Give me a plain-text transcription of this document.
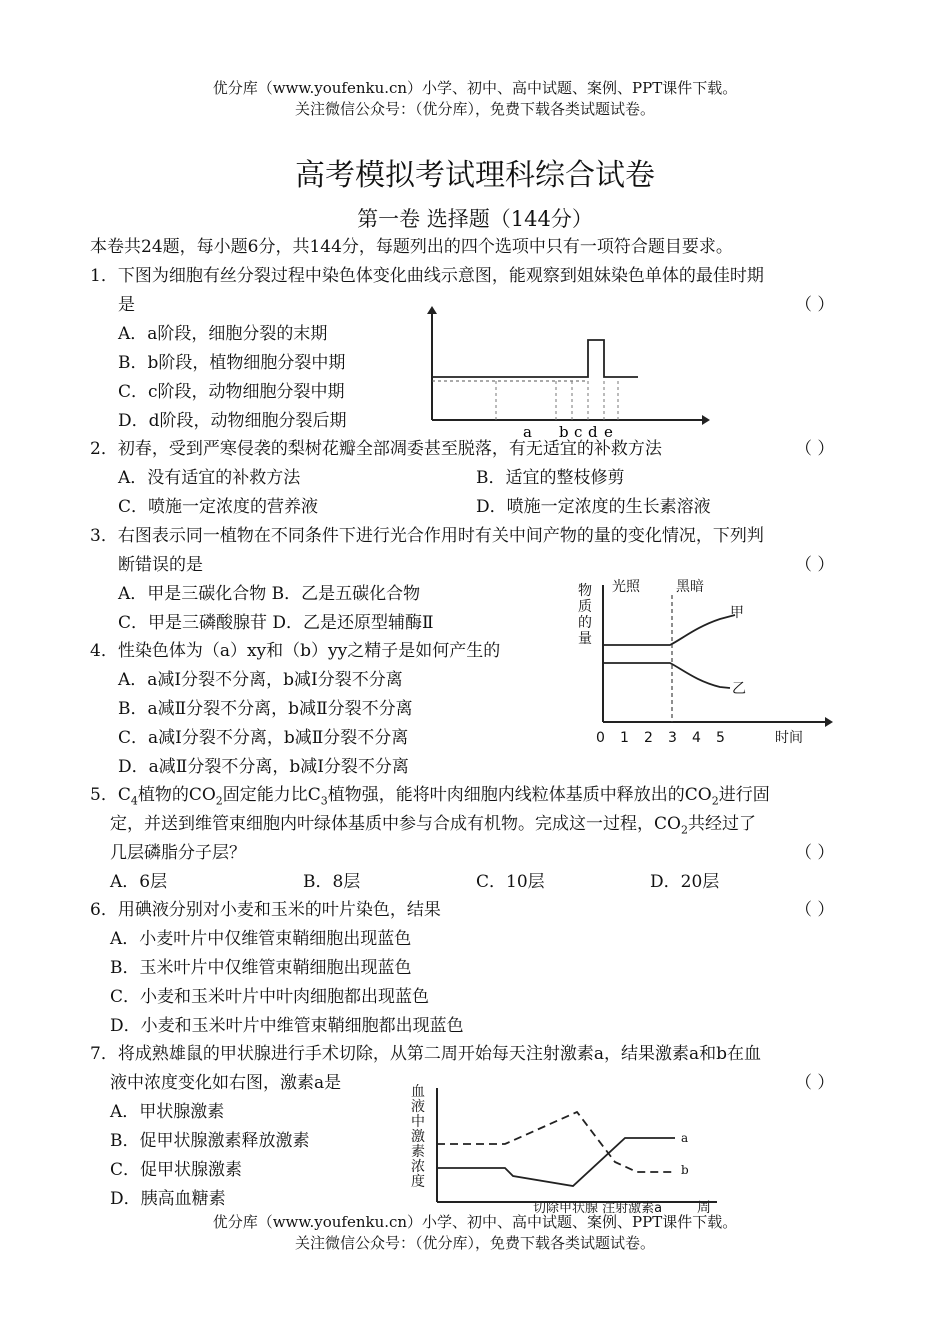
优分库（www.youfenku.cn）小学、初中、高中试题、案例、PPT课件下载。
关注微信公众号：（优分库），免费下载各类试题试卷。
高考模拟考试理科综合试卷
第一卷 选择题（144分）
本卷共24题，每小题6分，共144分，每题列出的四个选项中只有一项符合题目要求。
1．下图为细胞有丝分裂过程中染色体变化曲线示意图，能观察到姐妹染色单体的最佳时期
是	（ ）
A．a阶段，细胞分裂的末期
B．b阶段，植物细胞分裂中期
C．c阶段，动物细胞分裂中期
D．d阶段，动物细胞分裂后期
a b c d e
2．初春，受到严寒侵袭的梨树花瓣全部凋委甚至脱落，有无适宜的补救方法	（ ）
A．没有适宜的补救方法	B．适宜的整枝修剪
C．喷施一定浓度的营养液	D．喷施一定浓度的生长素溶液
3．右图表示同一植物在不同条件下进行光合作用时有关中间产物的量的变化情况，下列判
断错误的是	（ ）
A．甲是三碳化合物 B．乙是五碳化合物
C．甲是三磷酸腺苷 D．乙是还原型辅酶Ⅱ
物
质
的
量
光照	黑暗
甲
乙
0 1 2 3 4 5	时间
4．性染色体为（a）xy和（b）yy之精子是如何产生的
A．a减Ⅰ分裂不分离，b减Ⅰ分裂不分离
B．a减Ⅱ分裂不分离，b减Ⅱ分裂不分离
C．a减Ⅰ分裂不分离，b减Ⅱ分裂不分离
D．a减Ⅱ分裂不分离，b减Ⅰ分裂不分离
5．$C_4$植物的$CO_2$固定能力比$C_3$植物强，能将叶肉细胞内线粒体基质中释放出的$CO_2$进行固
定，并送到维管束细胞内叶绿体基质中参与合成有机物。完成这一过程，$CO_2$共经过了
几层磷脂分子层？	（ ）
A．6层	B．8层	C．10层	D．20层
6．用碘液分别对小麦和玉米的叶片染色，结果	（ ）
A．小麦叶片中仅维管束鞘细胞出现蓝色
B．玉米叶片中仅维管束鞘细胞出现蓝色
C．小麦和玉米叶片中叶肉细胞都出现蓝色
D．小麦和玉米叶片中维管束鞘细胞都出现蓝色
7．将成熟雄鼠的甲状腺进行手术切除，从第二周开始每天注射激素a，结果激素a和b在血
液中浓度变化如右图，激素a是	（ ）
A．甲状腺激素
B．促甲状腺激素释放激素
C．促甲状腺激素
D．胰高血糖素
血
液
中
激
素
浓
度
切除甲状腺 注射激素a 周
a
b
优分库（www.youfenku.cn）小学、初中、高中试题、案例、PPT课件下载。
关注微信公众号：（优分库），免费下载各类试题试卷。
